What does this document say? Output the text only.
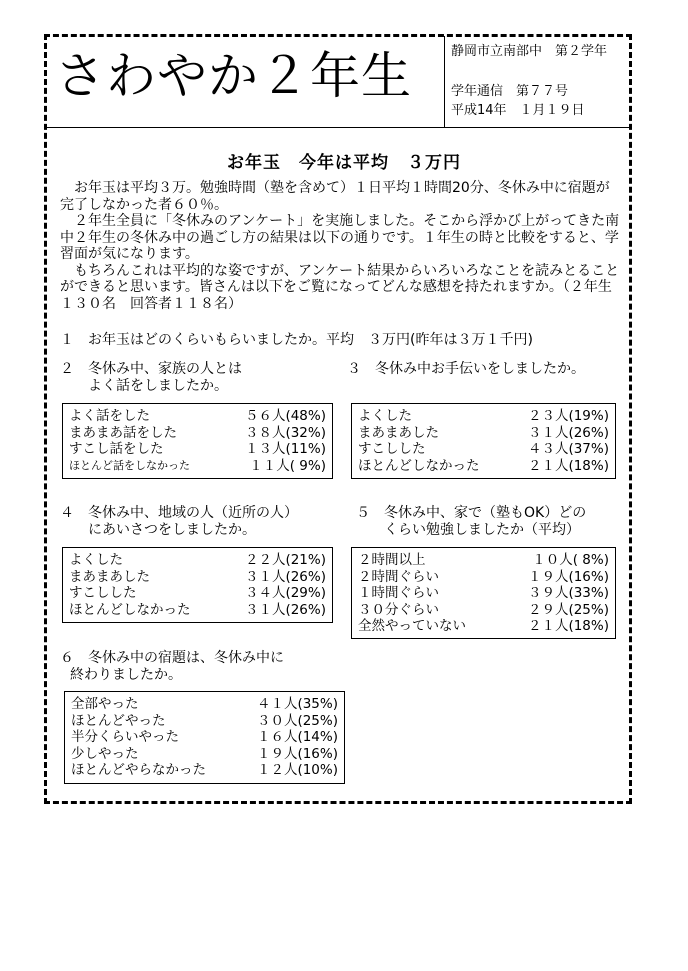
さわやか２年生	静岡市立南部中　第２学年
学年通信　第７７号
平成14年　１月１９日
お年玉　今年は平均　３万円

お年玉は平均３万。勉強時間（塾を含めて）１日平均１時間20分、冬休み中に宿題が完了しなかった者６０％。

２年生全員に「冬休みのアンケート」を実施しました。そこから浮かび上がってきた南中２年生の冬休み中の過ごし方の結果は以下の通りです。１年生の時と比較をすると、学習面が気になります。

もちろんこれは平均的な姿ですが、アンケート結果からいろいろなことを読みとることができると思います。皆さんは以下をご覧になってどんな感想を持たれますか。（２年生１３０名　回答者１１８名）

１　お年玉はどのくらいもらいましたか。平均　３万円(昨年は３万１千円)
２　冬休み中、家族の人とは
よく話をしましたか。
よく話をした	５６人(48%)
まあまあ話をした	３８人(32%)
すこし話をした	１３人(11%)
ほとんど話をしなかった	１１人( 9%)
３　冬休み中お手伝いをしましたか。
よくした	２３人(19%)
まあまあした	３１人(26%)
すこしした	４３人(37%)
ほとんどしなかった	２１人(18%)
４　冬休み中、地域の人（近所の人）
にあいさつをしましたか。
よくした	２２人(21%)
まあまあした	３１人(26%)
すこしした	３４人(29%)
ほとんどしなかった	３１人(26%)
５　冬休み中、家で（塾もOK）どの
くらい勉強しましたか（平均）
２時間以上	１０人( 8%)
２時間ぐらい	１９人(16%)
１時間ぐらい	３９人(33%)
３０分ぐらい	２９人(25%)
全然やっていない	２１人(18%)
６　冬休み中の宿題は、冬休み中に
終わりましたか。
全部やった	４１人(35%)
ほとんどやった	３０人(25%)
半分くらいやった	１６人(14%)
少しやった	１９人(16%)
ほとんどやらなかった	１２人(10%)
